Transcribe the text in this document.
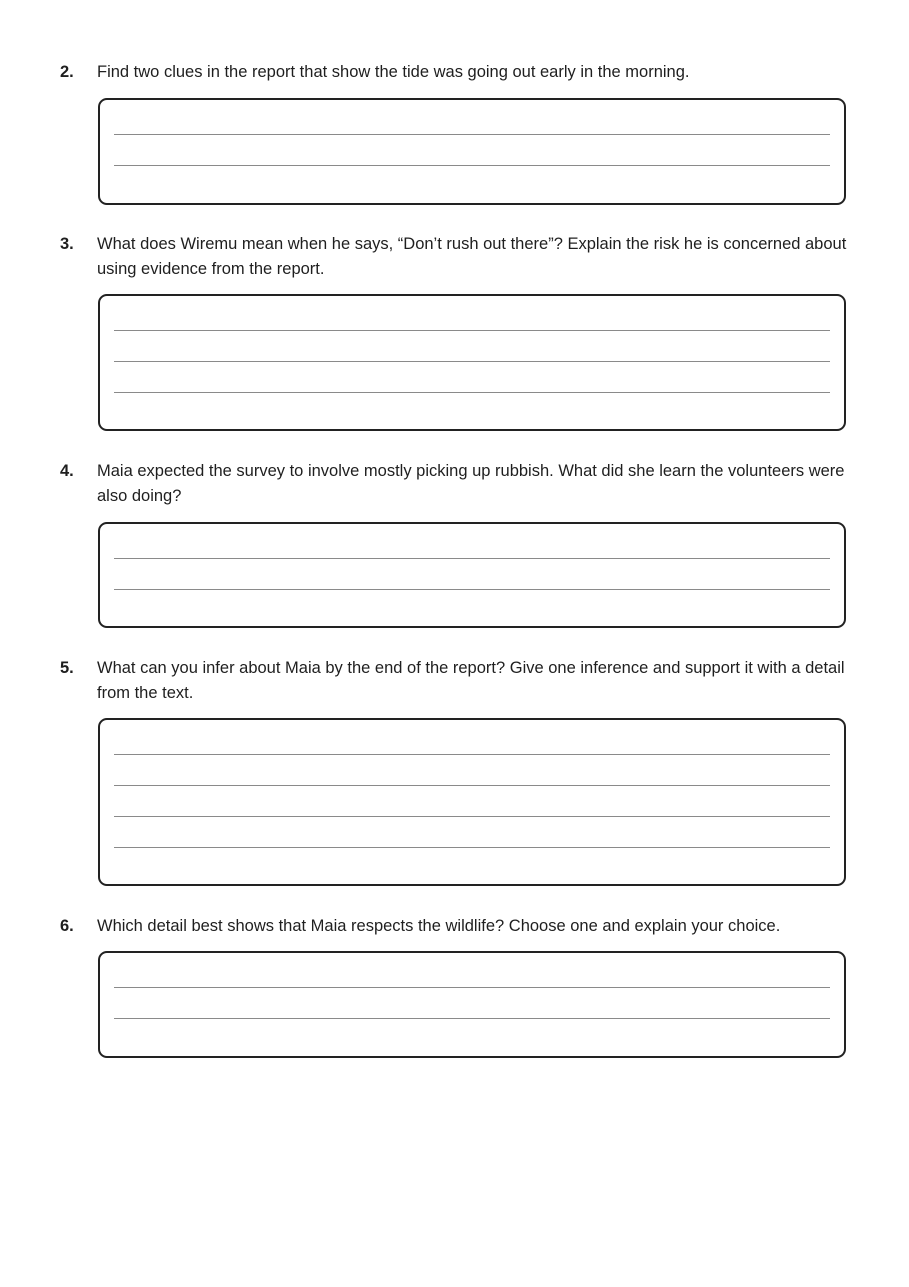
2. Find two clues in the report that show the tide was going out early in the morning.
3. What does Wiremu mean when he says, “Don’t rush out there”? Explain the risk he is concerned about using evidence from the report.
4. Maia expected the survey to involve mostly picking up rubbish. What did she learn the volunteers were also doing?
5. What can you infer about Maia by the end of the report? Give one inference and support it with a detail from the text.
6. Which detail best shows that Maia respects the wildlife? Choose one and explain your choice.
